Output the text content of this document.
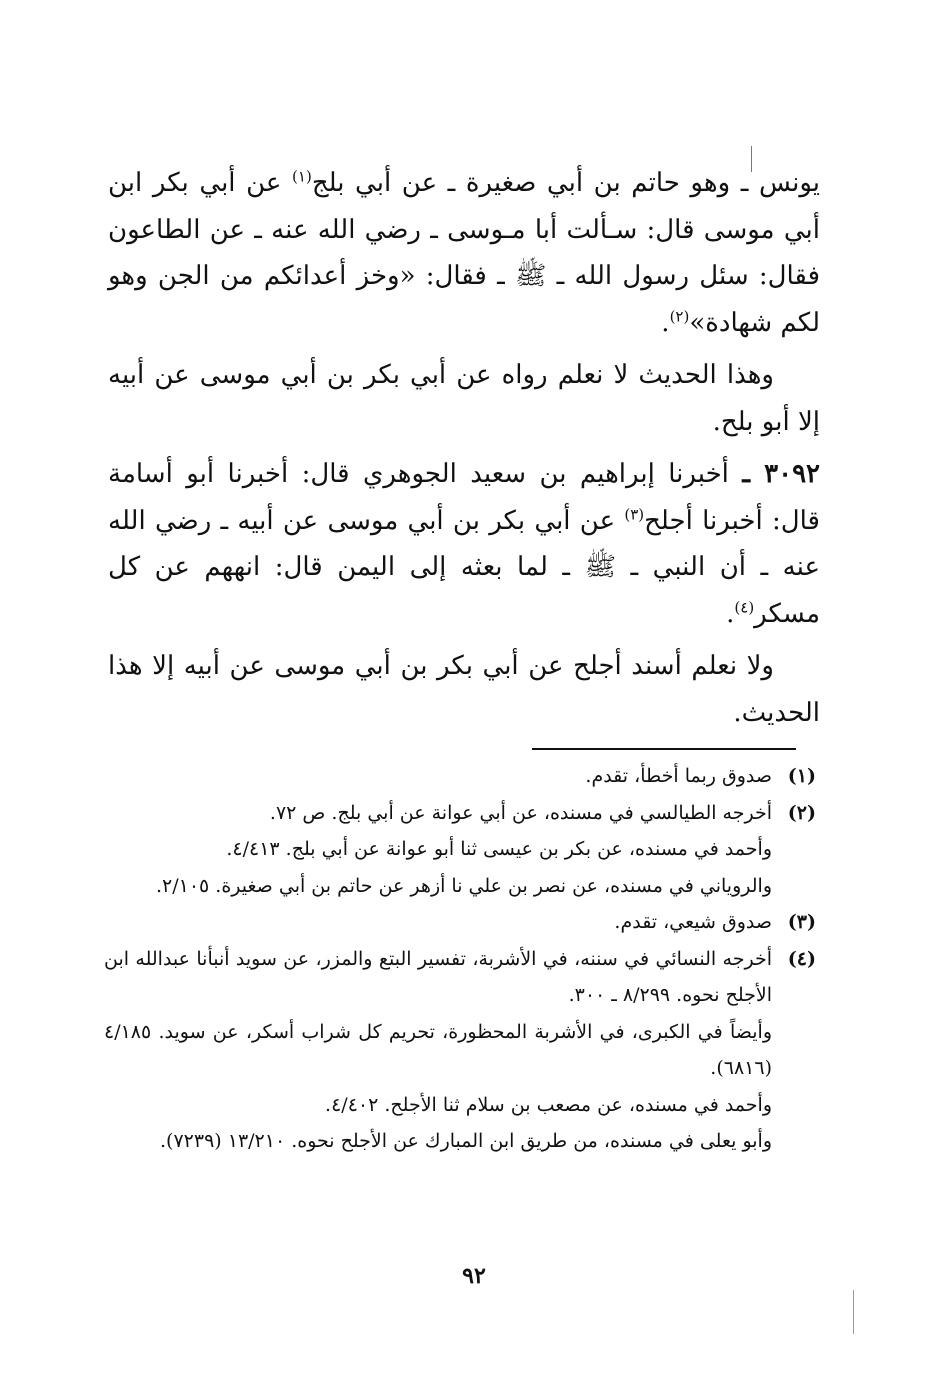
يونس ـ وهو حاتم بن أبي صغيرة ـ عن أبي بلج$^{(١)}$ عن أبي بكر ابن أبي موسى قال: سـألت أبا مـوسى ـ رضي الله عنه ـ عن الطاعون فقال: سئل رسول الله ـ ﷺ ـ فقال: «وخز أعدائكم من الجن وهو لكم شهادة»$^{(٢)}$.

وهذا الحديث لا نعلم رواه عن أبي بكر بن أبي موسى عن أبيه إلا أبو بلح.

٣٠٩٢ ـ أخبرنا إبراهيم بن سعيد الجوهري قال: أخبرنا أبو أسامة قال: أخبرنا أجلح$^{(٣)}$ عن أبي بكر بن أبي موسى عن أبيه ـ رضي الله عنه ـ أن النبي ـ ﷺ ـ لما بعثه إلى اليمن قال: انههم عن كل مسكر$^{(٤)}$.

ولا نعلم أسند أجلح عن أبي بكر بن أبي موسى عن أبيه إلا هذا الحديث.

(١)صدوق ربما أخطأ، تقدم.

(٢)أخرجه الطيالسي في مسنده، عن أبي عوانة عن أبي بلج. ص ٧٢.

وأحمد في مسنده، عن بكر بن عيسى ثنا أبو عوانة عن أبي بلج. ٤/٤١٣.

والروياني في مسنده، عن نصر بن علي نا أزهر عن حاتم بن أبي صغيرة. ٢/١٠٥.

(٣)صدوق شيعي، تقدم.

(٤)أخرجه النسائي في سننه، في الأشربة، تفسير البتع والمزر، عن سويد أنبأنا عبدالله ابن الأجلح نحوه. ٨/٢٩٩ ـ ٣٠٠.

وأيضاً في الكبرى، في الأشربة المحظورة، تحريم كل شراب أسكر، عن سويد. ٤/١٨٥ (٦٨١٦).

وأحمد في مسنده، عن مصعب بن سلام ثنا الأجلح. ٤/٤٠٢.

وأبو يعلى في مسنده، من طريق ابن المبارك عن الأجلح نحوه. ١٣/٢١٠ (٧٢٣٩).

٩٢
